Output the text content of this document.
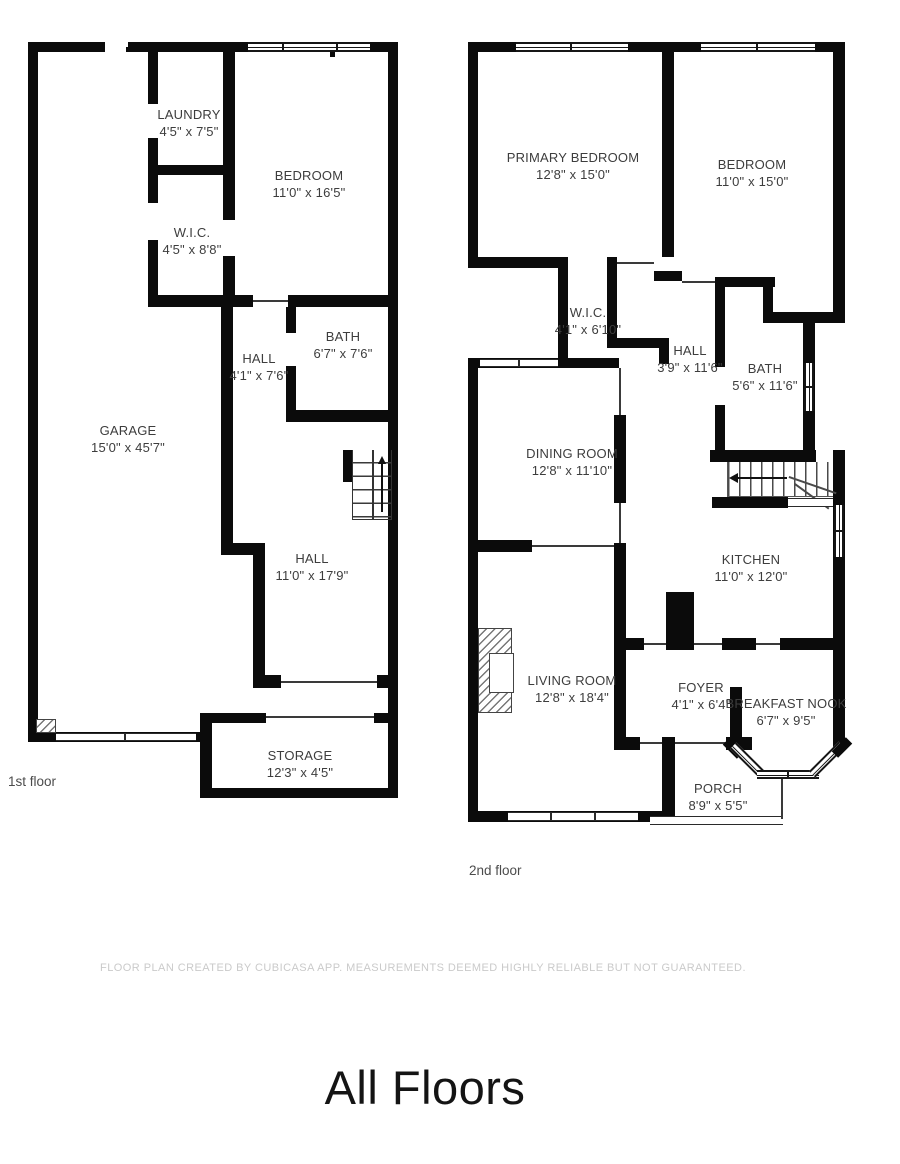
LAUNDRY
4'5" x 7'5"
BEDROOM
11'0" x 16'5"
W.I.C.
4'5" x 8'8"
BATH
6'7" x 7'6"
HALL
4'1" x 7'6"
GARAGE
15'0" x 45'7"
HALL
11'0" x 17'9"
STORAGE
12'3" x 4'5"
1st floor
PRIMARY BEDROOM
12'8" x 15'0"
BEDROOM
11'0" x 15'0"
W.I.C.
4'1" x 6'10"
HALL
3'9" x 11'6"	BATH
5'6" x 11'6"
DINING ROOM
12'8" x 11'10"
KITCHEN
11'0" x 12'0"
LIVING ROOM
12'8" x 18'4"
FOYER
4'1" x 6'4"
BREAKFAST NOOK
6'7" x 9'5"
PORCH
8'9" x 5'5"
2nd floor
FLOOR PLAN CREATED BY CUBICASA APP. MEASUREMENTS DEEMED HIGHLY RELIABLE BUT NOT GUARANTEED.
All Floors
